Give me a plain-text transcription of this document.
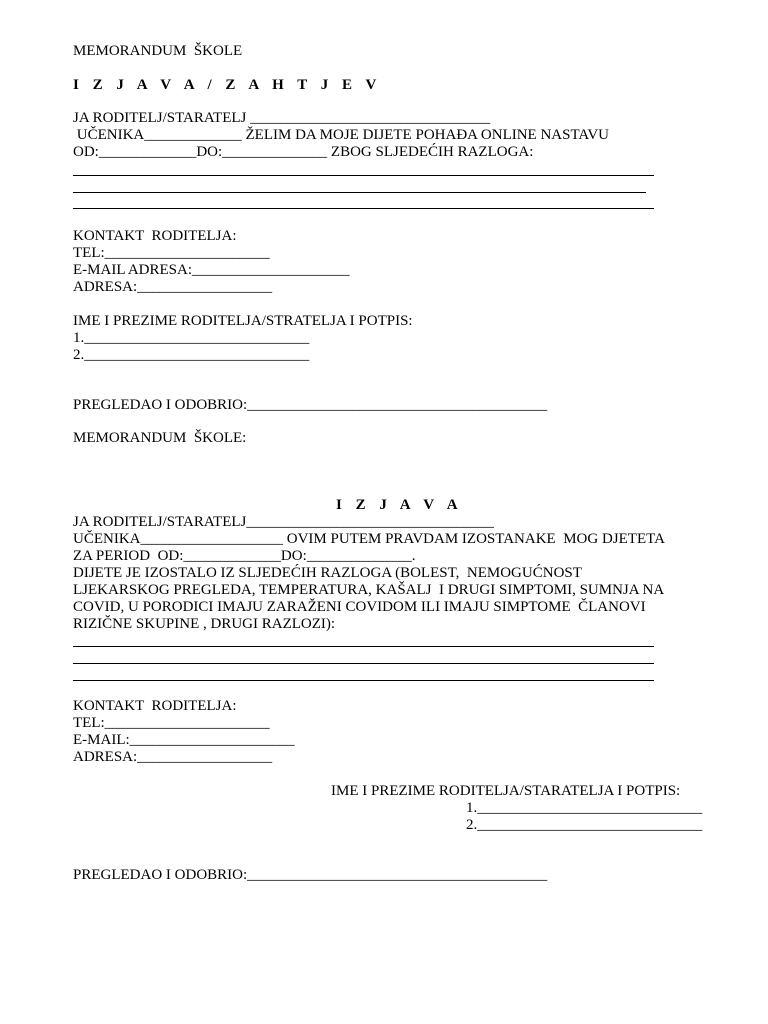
MEMORANDUM  ŠKOLE
I Z J A V A / Z A H T J E V
JA RODITELJ/STARATELJ ________________________________
UČENIKA_____________ ŽELIM DA MOJE DIJETE POHAĐA ONLINE NASTAVU
OD:_____________DO:______________ ZBOG SLJEDEĆIH RAZLOGA:
KONTAKT  RODITELJA:
TEL:______________________
E-MAIL ADRESA:_____________________
ADRESA:__________________
IME I PREZIME RODITELJA/STRATELJA I POTPIS:
1.______________________________
2.______________________________
PREGLEDAO I ODOBRIO:________________________________________
MEMORANDUM  ŠKOLE:
I Z J A V A
JA RODITELJ/STARATELJ_________________________________
UČENIKA___________________ OVIM PUTEM PRAVDAM IZOSTANAKE  MOG DJETETA
ZA PERIOD  OD:_____________DO:______________.
DIJETE JE IZOSTALO IZ SLJEDEĆIH RAZLOGA (BOLEST,  NEMOGUĆNOST
LJEKARSKOG PREGLEDA, TEMPERATURA, KAŠALJ  I DRUGI SIMPTOMI, SUMNJA NA
COVID, U PORODICI IMAJU ZARAŽENI COVIDOM ILI IMAJU SIMPTOME  ČLANOVI
RIZIČNE SKUPINE , DRUGI RAZLOZI):
KONTAKT  RODITELJA:
TEL:______________________
E-MAIL:______________________
ADRESA:__________________
IME I PREZIME RODITELJA/STARATELJA I POTPIS:
1.______________________________
2.______________________________
PREGLEDAO I ODOBRIO:________________________________________
